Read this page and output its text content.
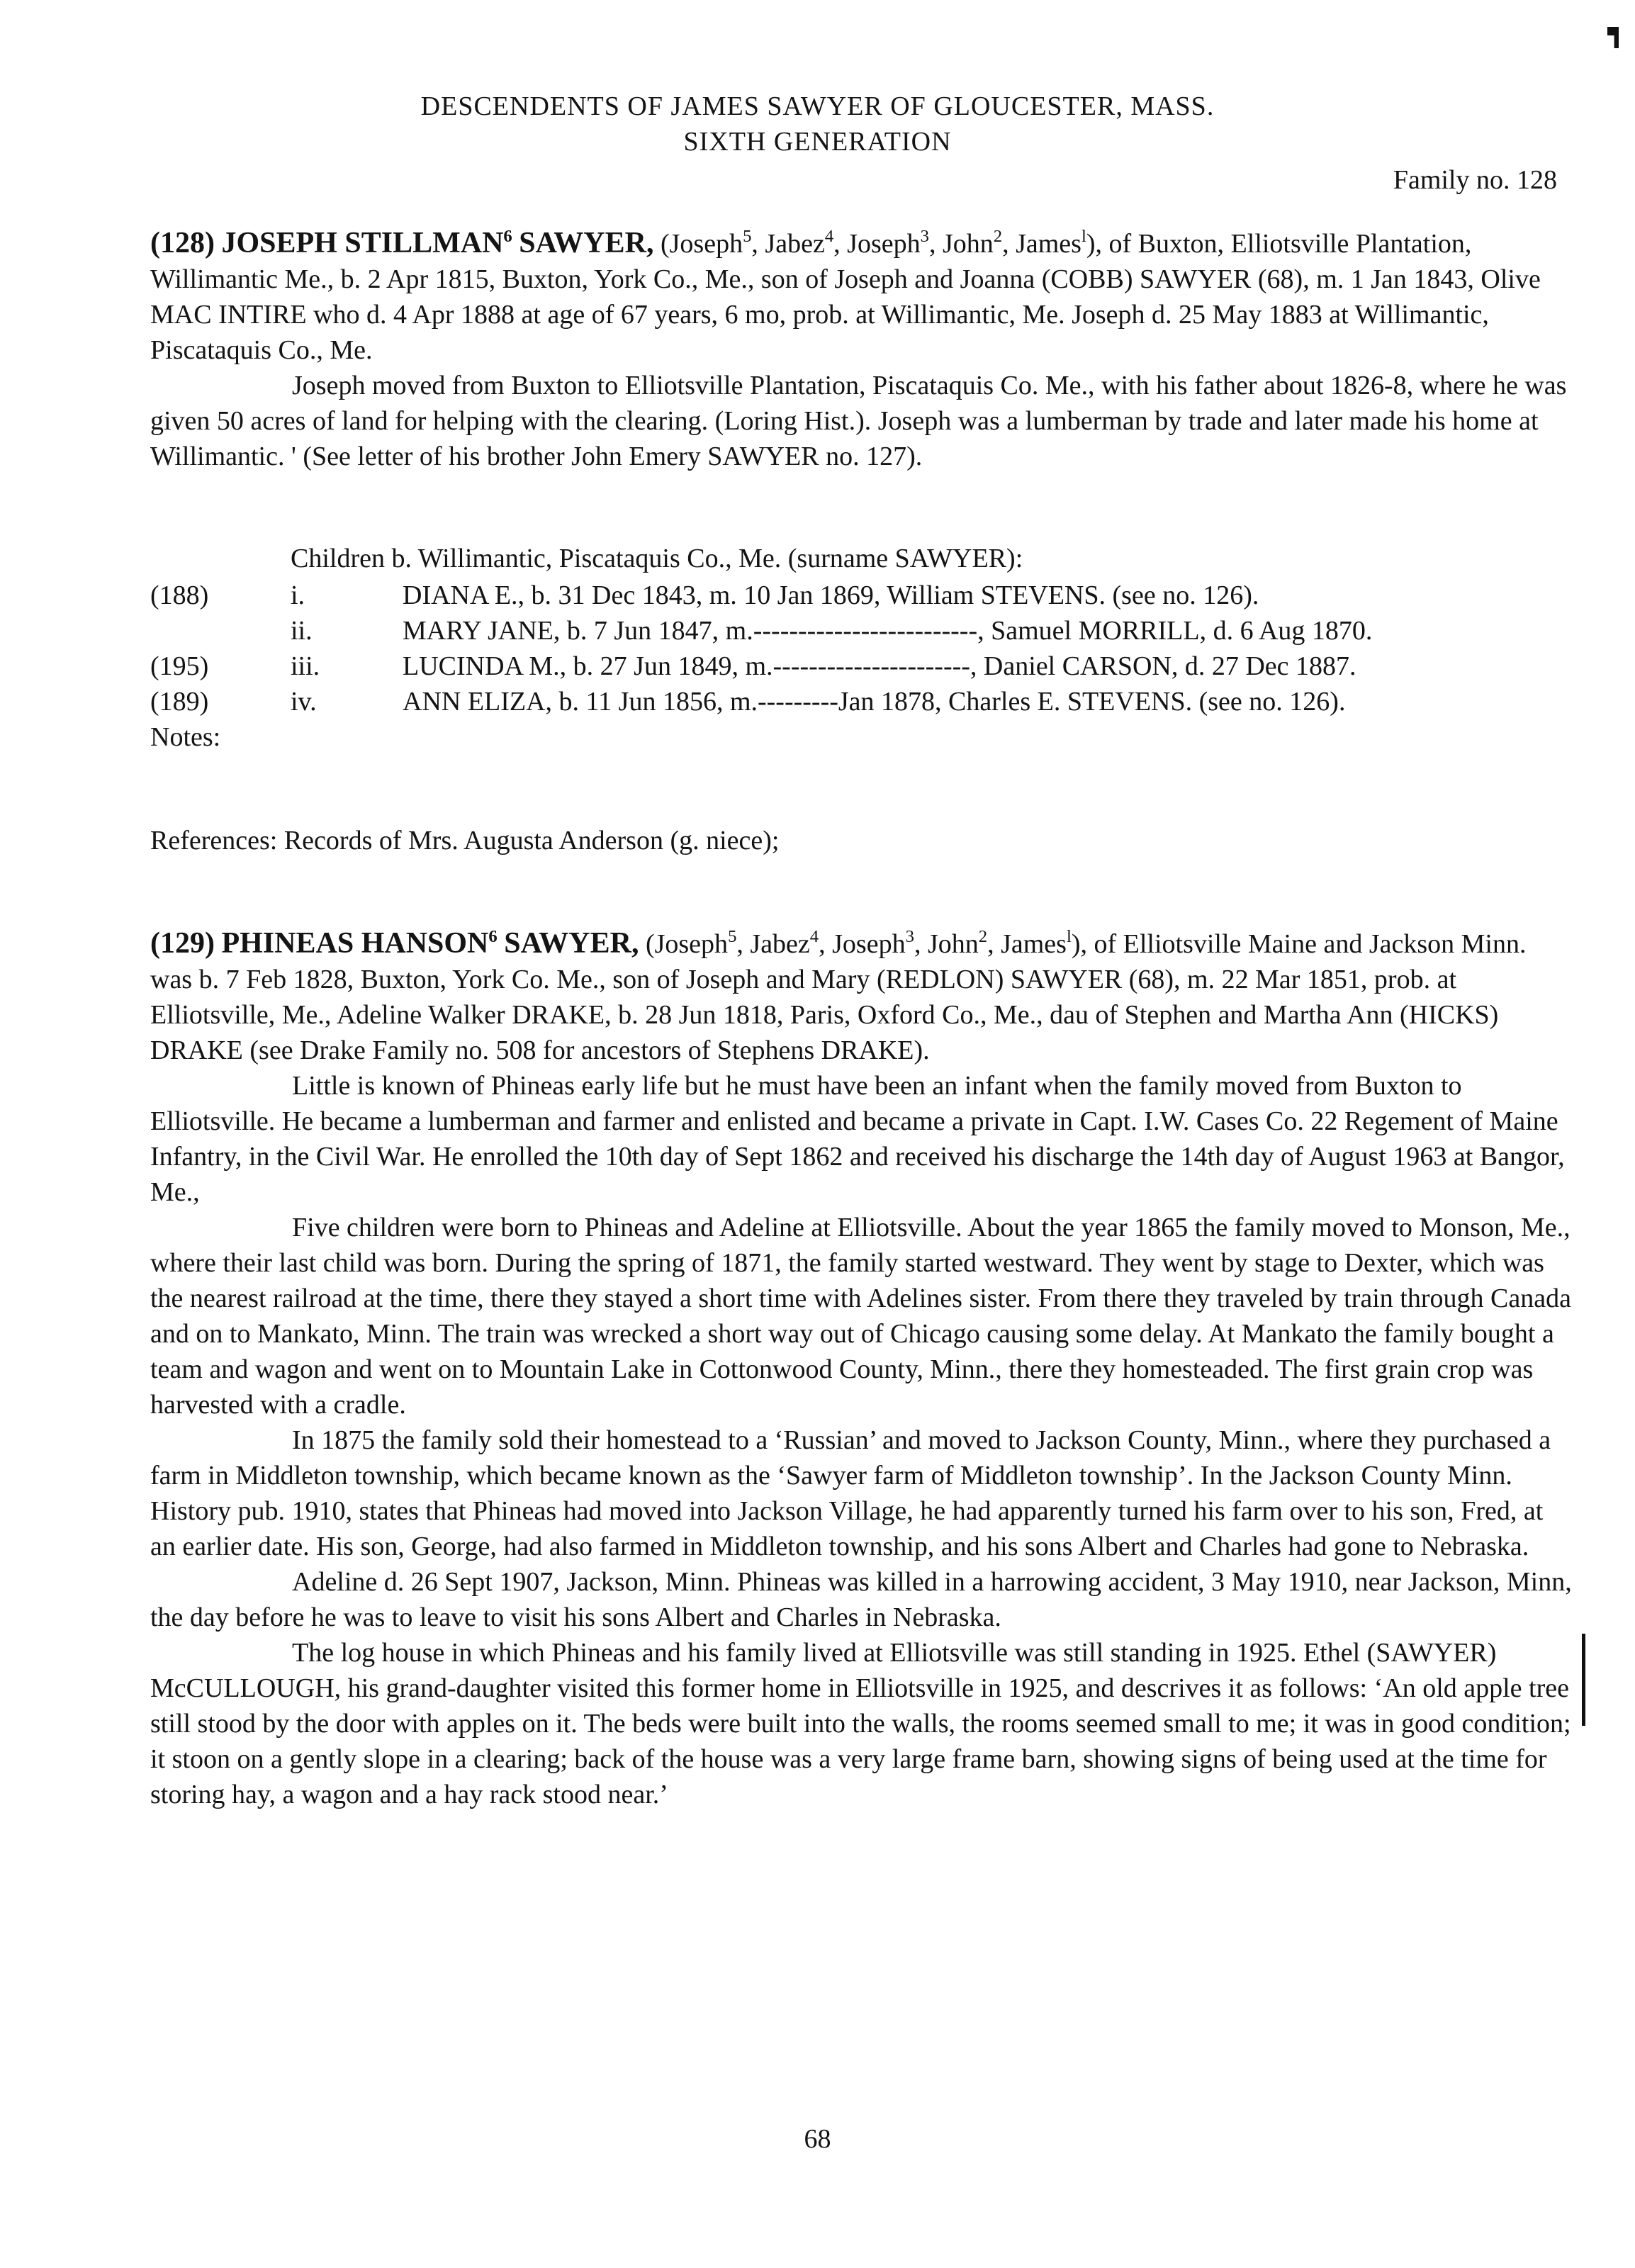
DESCENDENTS OF JAMES SAWYER OF GLOUCESTER, MASS.
SIXTH GENERATION
Family no. 128

(128) JOSEPH STILLMAN$^6$ SAWYER, (Joseph$^5$, Jabez$^4$, Joseph$^3$, John$^2$, James$^l$), of Buxton, Elliotsville Plantation, Willimantic Me., b. 2 Apr 1815, Buxton, York Co., Me., son of Joseph and Joanna (COBB) SAWYER (68), m. 1 Jan 1843, Olive MAC INTIRE who d. 4 Apr 1888 at age of 67 years, 6 mo, prob. at Willimantic, Me. Joseph d. 25 May 1883 at Willimantic, Piscataquis Co., Me.

Joseph moved from Buxton to Elliotsville Plantation, Piscataquis Co. Me., with his father about 1826-8, where he was given 50 acres of land for helping with the clearing. (Loring Hist.). Joseph was a lumberman by trade and later made his home at Willimantic. ' (See letter of his brother John Emery SAWYER no. 127).

Children b. Willimantic, Piscataquis Co., Me. (surname SAWYER):
(188)	i.	DIANA E., b. 31 Dec 1843, m. 10 Jan 1869, William STEVENS. (see no. 126).
ii.	MARY JANE, b. 7 Jun 1847, m.-------------------------, Samuel MORRILL, d. 6 Aug 1870.
(195)	iii.	LUCINDA M., b. 27 Jun 1849, m.----------------------, Daniel CARSON, d. 27 Dec 1887.
(189)	iv.	ANN ELIZA, b. 11 Jun 1856, m.---------Jan 1878, Charles E. STEVENS. (see no. 126).
Notes:
References: Records of Mrs. Augusta Anderson (g. niece);

(129) PHINEAS HANSON$^6$ SAWYER, (Joseph$^5$, Jabez$^4$, Joseph$^3$, John$^2$, James$^l$), of Elliotsville Maine and Jackson Minn. was b. 7 Feb 1828, Buxton, York Co. Me., son of Joseph and Mary (REDLON) SAWYER (68), m. 22 Mar 1851, prob. at Elliotsville, Me., Adeline Walker DRAKE, b. 28 Jun 1818, Paris, Oxford Co., Me., dau of Stephen and Martha Ann (HICKS) DRAKE (see Drake Family no. 508 for ancestors of Stephens DRAKE).

Little is known of Phineas early life but he must have been an infant when the family moved from Buxton to Elliotsville. He became a lumberman and farmer and enlisted and became a private in Capt. I.W. Cases Co. 22 Regement of Maine Infantry, in the Civil War. He enrolled the 10th day of Sept 1862 and received his discharge the 14th day of August 1963 at Bangor, Me.,

Five children were born to Phineas and Adeline at Elliotsville. About the year 1865 the family moved to Monson, Me., where their last child was born. During the spring of 1871, the family started westward. They went by stage to Dexter, which was the nearest railroad at the time, there they stayed a short time with Adelines sister. From there they traveled by train through Canada and on to Mankato, Minn. The train was wrecked a short way out of Chicago causing some delay. At Mankato the family bought a team and wagon and went on to Mountain Lake in Cottonwood County, Minn., there they homesteaded. The first grain crop was harvested with a cradle.

In 1875 the family sold their homestead to a ‘Russian’ and moved to Jackson County, Minn., where they purchased a farm in Middleton township, which became known as the ‘Sawyer farm of Middleton township’. In the Jackson County Minn. History pub. 1910, states that Phineas had moved into Jackson Village, he had apparently turned his farm over to his son, Fred, at an earlier date. His son, George, had also farmed in Middleton township, and his sons Albert and Charles had gone to Nebraska.

Adeline d. 26 Sept 1907, Jackson, Minn. Phineas was killed in a harrowing accident, 3 May 1910, near Jackson, Minn, the day before he was to leave to visit his sons Albert and Charles in Nebraska.

The log house in which Phineas and his family lived at Elliotsville was still standing in 1925. Ethel (SAWYER) McCULLOUGH, his grand-daughter visited this former home in Elliotsville in 1925, and descrives it as follows: ‘An old apple tree still stood by the door with apples on it. The beds were built into the walls, the rooms seemed small to me; it was in good condition; it stoon on a gently slope in a clearing; back of the house was a very large frame barn, showing signs of being used at the time for storing hay, a wagon and a hay rack stood near.’

68
